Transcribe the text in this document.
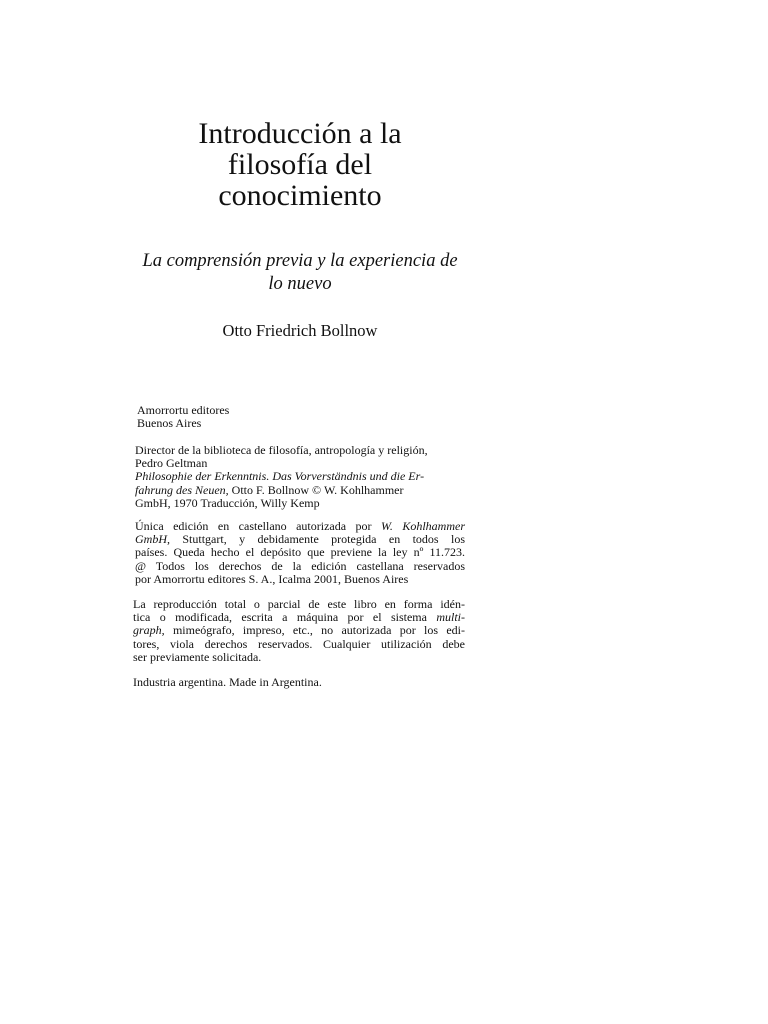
Introducción a la
filosofía del
conocimiento
La comprensión previa y la experiencia de
lo nuevo
Otto Friedrich Bollnow
Amorrortu editores
Buenos Aires
Director de la biblioteca de filosofía, antropología y religión,
Pedro Geltman
Philosophie der Erkenntnis. Das Vorverständnis und die Er-
fahrung des Neuen, Otto F. Bollnow © W. Kohlhammer
GmbH, 1970 Traducción, Willy Kemp
Única edición en castellano autorizada por W. Kohlhammer
GmbH, Stuttgart, y debidamente protegida en todos los
países. Queda hecho el depósito que previene la ley nº 11.723.
@ Todos los derechos de la edición castellana reservados
por Amorrortu editores S. A., Icalma 2001, Buenos Aires
La reproducción total o parcial de este libro en forma idén-
tica o modificada, escrita a máquina por el sistema multi-
graph, mimeógrafo, impreso, etc., no autorizada por los edi-
tores, viola derechos reservados. Cualquier utilización debe
ser previamente solicitada.
Industria argentina. Made in Argentina.
